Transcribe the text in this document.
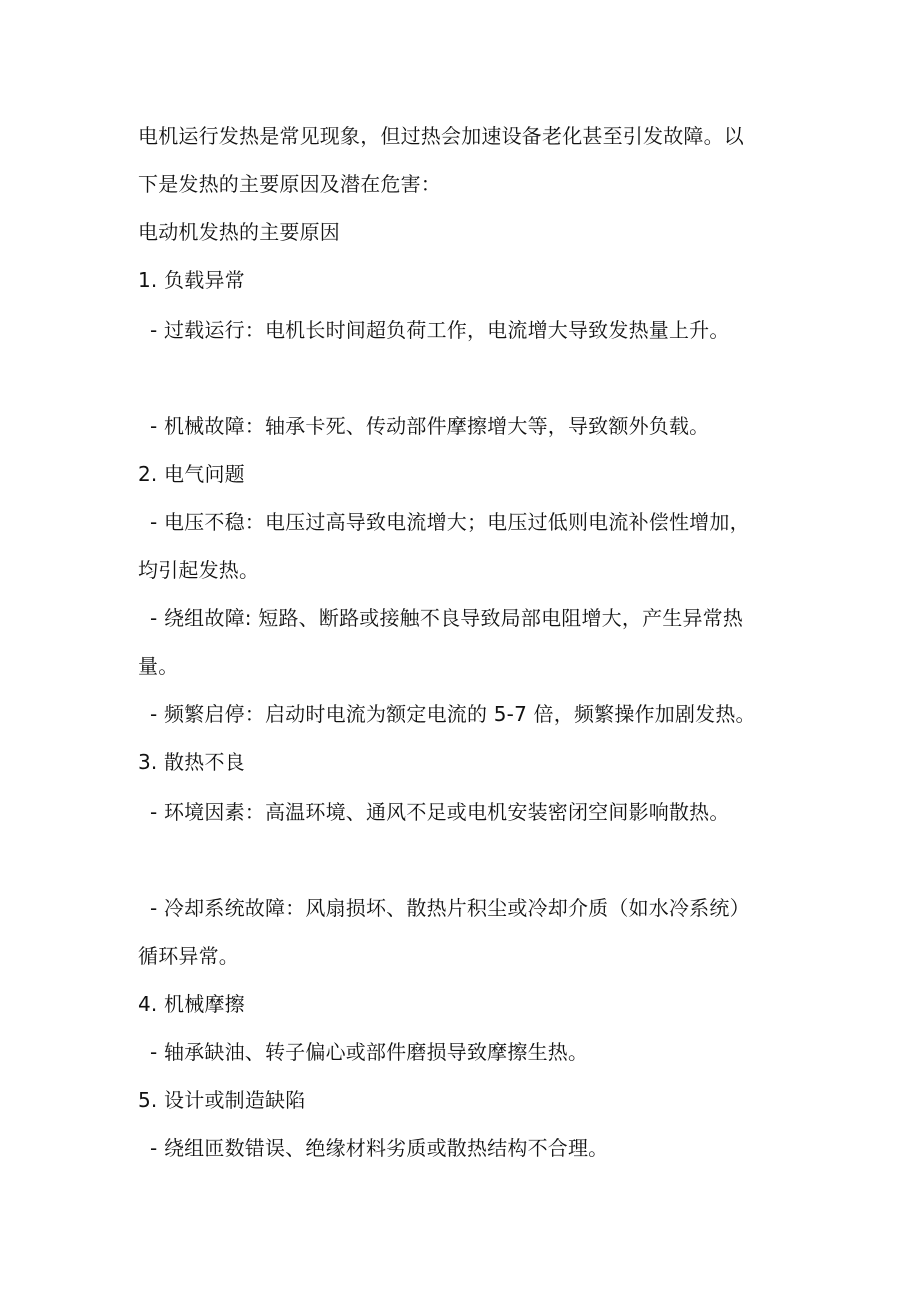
电机运行发热是常见现象，但过热会加速设备老化甚至引发故障。以
下是发热的主要原因及潜在危害：
电动机发热的主要原因
1. 负载异常
- 过载运行：电机长时间超负荷工作，电流增大导致发热量上升。
- 机械故障：轴承卡死、传动部件摩擦增大等，导致额外负载。
2. 电气问题
- 电压不稳：电压过高导致电流增大；电压过低则电流补偿性增加，
均引起发热。
- 绕组故障: 短路、断路或接触不良导致局部电阻增大，产生异常热
量。
- 频繁启停：启动时电流为额定电流的 5-7 倍，频繁操作加剧发热。
3. 散热不良
- 环境因素：高温环境、通风不足或电机安装密闭空间影响散热。
- 冷却系统故障：风扇损坏、散热片积尘或冷却介质（如水冷系统）
循环异常。
4. 机械摩擦
- 轴承缺油、转子偏心或部件磨损导致摩擦生热。
5. 设计或制造缺陷
- 绕组匝数错误、绝缘材料劣质或散热结构不合理。
